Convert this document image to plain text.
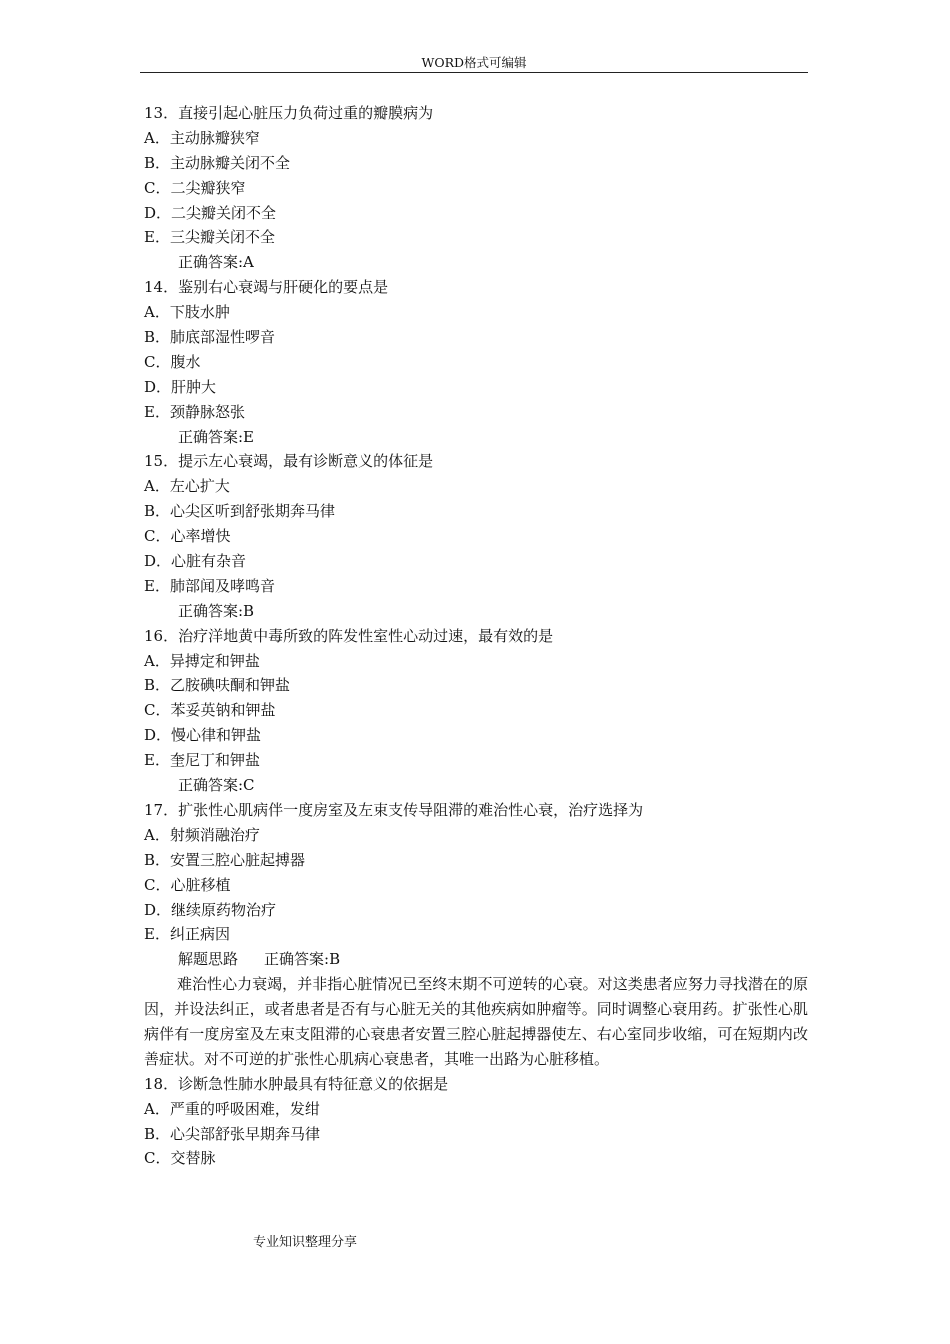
WORD格式可编辑
13．直接引起心脏压力负荷过重的瓣膜病为
A．主动脉瓣狭窄
B．主动脉瓣关闭不全
C．二尖瓣狭窄
D．二尖瓣关闭不全
E．三尖瓣关闭不全
正确答案:A
14．鉴别右心衰竭与肝硬化的要点是
A．下肢水肿
B．肺底部湿性啰音
C．腹水
D．肝肿大
E．颈静脉怒张
正确答案:E
15．提示左心衰竭，最有诊断意义的体征是
A．左心扩大
B．心尖区听到舒张期奔马律
C．心率增快
D．心脏有杂音
E．肺部闻及哮鸣音
正确答案:B
16．治疗洋地黄中毒所致的阵发性室性心动过速，最有效的是
A．异搏定和钾盐
B．乙胺碘呋酮和钾盐
C．苯妥英钠和钾盐
D．慢心律和钾盐
E．奎尼丁和钾盐
正确答案:C
17．扩张性心肌病伴一度房室及左束支传导阻滞的难治性心衰，治疗选择为
A．射频消融治疗
B．安置三腔心脏起搏器
C．心脏移植
D．继续原药物治疗
E．纠正病因
解题思路 正确答案:B

难治性心力衰竭，并非指心脏情况已至终末期不可逆转的心衰。对这类患者应努力寻找潜在的原因，并设法纠正，或者患者是否有与心脏无关的其他疾病如肿瘤等。同时调整心衰用药。扩张性心肌病伴有一度房室及左束支阻滞的心衰患者安置三腔心脏起搏器使左、右心室同步收缩，可在短期内改善症状。对不可逆的扩张性心肌病心衰患者，其唯一出路为心脏移植。

18．诊断急性肺水肿最具有特征意义的依据是
A．严重的呼吸困难，发绀
B．心尖部舒张早期奔马律
C．交替脉
专业知识整理分享
